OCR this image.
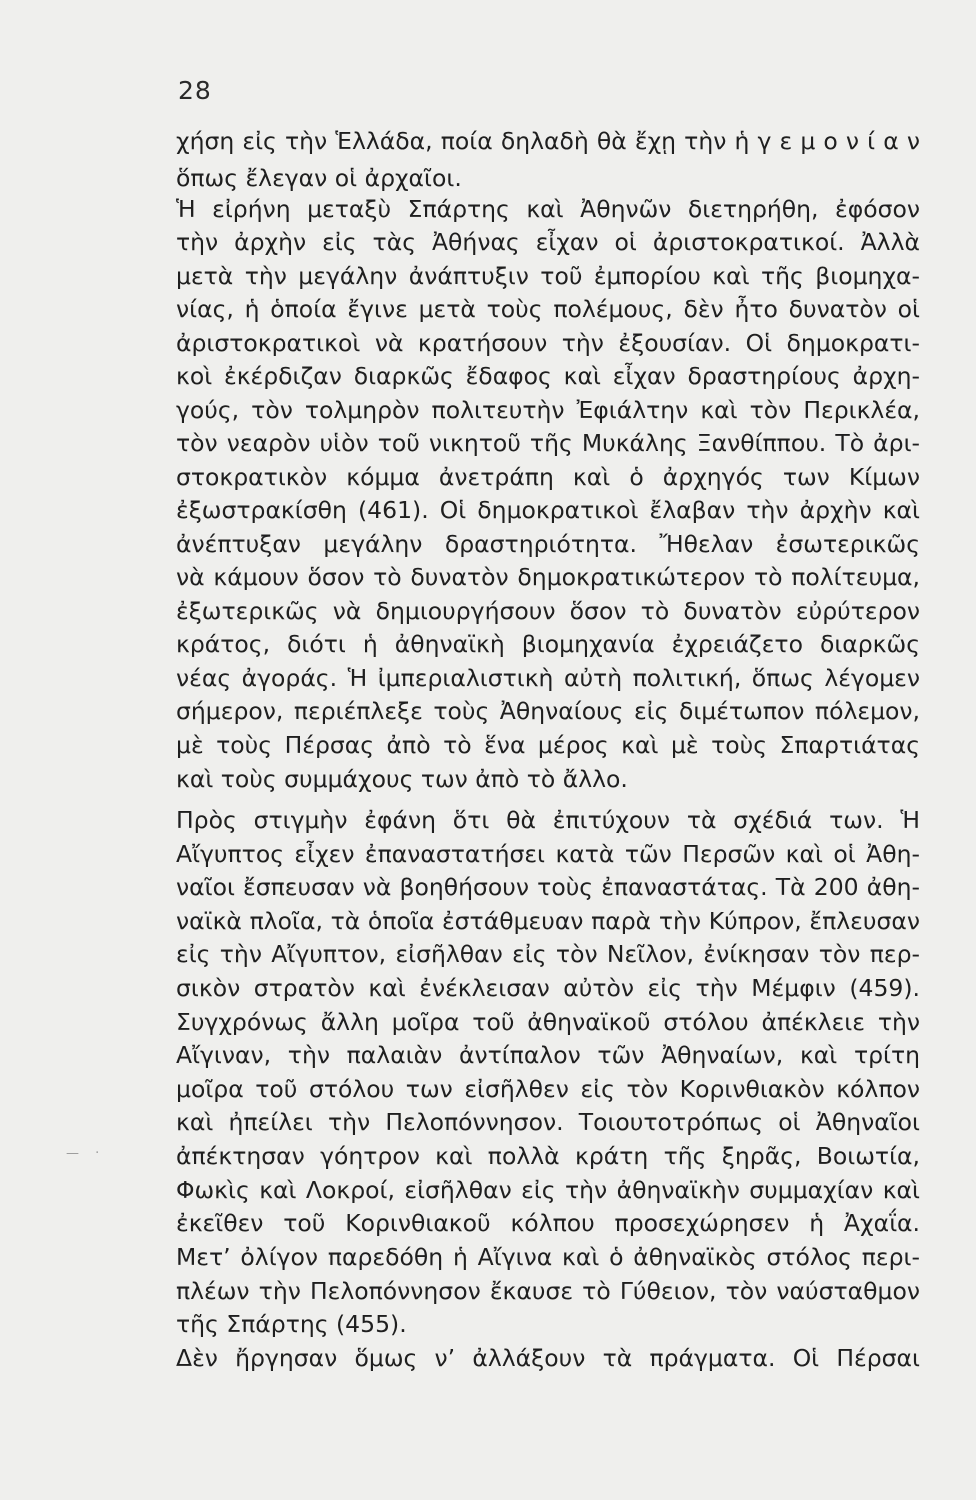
28
χήση εἰς τὴν Ἑλλάδα, ποία δηλαδὴ θὰ ἔχῃ τὴν ἡ γ ε μ ο ν ί α ν
ὅπως ἔλεγαν οἱ ἀρχαῖοι.
Ἡ εἰρήνη μεταξὺ Σπάρτης καὶ Ἀθηνῶν διετηρήθη, ἐφόσον
τὴν ἀρχὴν εἰς τὰς Ἀθήνας εἶχαν οἱ ἀριστοκρατικοί. Ἀλλὰ
μετὰ τὴν μεγάλην ἀνάπτυξιν τοῦ ἐμπορίου καὶ τῆς βιομηχα-
νίας, ἡ ὁποία ἔγινε μετὰ τοὺς πολέμους, δὲν ἦτο δυνατὸν οἱ
ἀριστοκρατικοὶ νὰ κρατήσουν τὴν ἐξουσίαν. Οἱ δημοκρατι-
κοὶ ἐκέρδιζαν διαρκῶς ἔδαφος καὶ εἶχαν δραστηρίους ἀρχη-
γούς, τὸν τολμηρὸν πολιτευτὴν Ἐφιάλτην καὶ τὸν Περικλέα,
τὸν νεαρὸν υἱὸν τοῦ νικητοῦ τῆς Μυκάλης Ξανθίππου. Τὸ ἀρι-
στοκρατικὸν κόμμα ἀνετράπη καὶ ὁ ἀρχηγός των Κίμων
ἐξωστρακίσθη (461). Οἱ δημοκρατικοὶ ἔλαβαν τὴν ἀρχὴν καὶ
ἀνέπτυξαν μεγάλην δραστηριότητα. Ἤθελαν ἐσωτερικῶς
νὰ κάμουν ὅσον τὸ δυνατὸν δημοκρατικώτερον τὸ πολίτευμα,
ἐξωτερικῶς νὰ δημιουργήσουν ὅσον τὸ δυνατὸν εὐρύτερον
κράτος, διότι ἡ ἀθηναϊκὴ βιομηχανία ἐχρειάζετο διαρκῶς
νέας ἀγοράς. Ἡ ἰμπεριαλιστικὴ αὐτὴ πολιτική, ὅπως λέγομεν
σήμερον, περιέπλεξε τοὺς Ἀθηναίους εἰς διμέτωπον πόλεμον,
μὲ τοὺς Πέρσας ἀπὸ τὸ ἕνα μέρος καὶ μὲ τοὺς Σπαρτιάτας
καὶ τοὺς συμμάχους των ἀπὸ τὸ ἄλλο.
Πρὸς στιγμὴν ἐφάνη ὅτι θὰ ἐπιτύχουν τὰ σχέδιά των. Ἡ
Αἴγυπτος εἶχεν ἐπαναστατήσει κατὰ τῶν Περσῶν καὶ οἱ Ἀθη-
ναῖοι ἔσπευσαν νὰ βοηθήσουν τοὺς ἐπαναστάτας. Τὰ 200 ἀθη-
ναϊκὰ πλοῖα, τὰ ὁποῖα ἐστάθμευαν παρὰ τὴν Κύπρον, ἔπλευσαν
εἰς τὴν Αἴγυπτον, εἰσῆλθαν εἰς τὸν Νεῖλον, ἐνίκησαν τὸν περ-
σικὸν στρατὸν καὶ ἐνέκλεισαν αὐτὸν εἰς τὴν Μέμφιν (459).
Συγχρόνως ἄλλη μοῖρα τοῦ ἀθηναϊκοῦ στόλου ἀπέκλειε τὴν
Αἴγιναν, τὴν παλαιὰν ἀντίπαλον τῶν Ἀθηναίων, καὶ τρίτη
μοῖρα τοῦ στόλου των εἰσῆλθεν εἰς τὸν Κορινθιακὸν κόλπον
καὶ ἠπείλει τὴν Πελοπόννησον. Τοιουτοτρόπως οἱ Ἀθηναῖοι
ἀπέκτησαν γόητρον καὶ πολλὰ κράτη τῆς ξηρᾶς, Βοιωτία,
Φωκὶς καὶ Λοκροί, εἰσῆλθαν εἰς τὴν ἀθηναϊκὴν συμμαχίαν καὶ
ἐκεῖθεν τοῦ Κορινθιακοῦ κόλπου προσεχώρησεν ἡ Ἀχαΐα.
Μετ’ ὀλίγον παρεδόθη ἡ Αἴγινα καὶ ὁ ἀθηναϊκὸς στόλος περι-
πλέων τὴν Πελοπόννησον ἔκαυσε τὸ Γύθειον, τὸν ναύσταθμον
τῆς Σπάρτης (455).
Δὲν ἤργησαν ὅμως ν’ ἀλλάξουν τὰ πράγματα. Οἱ Πέρσαι
— ·
